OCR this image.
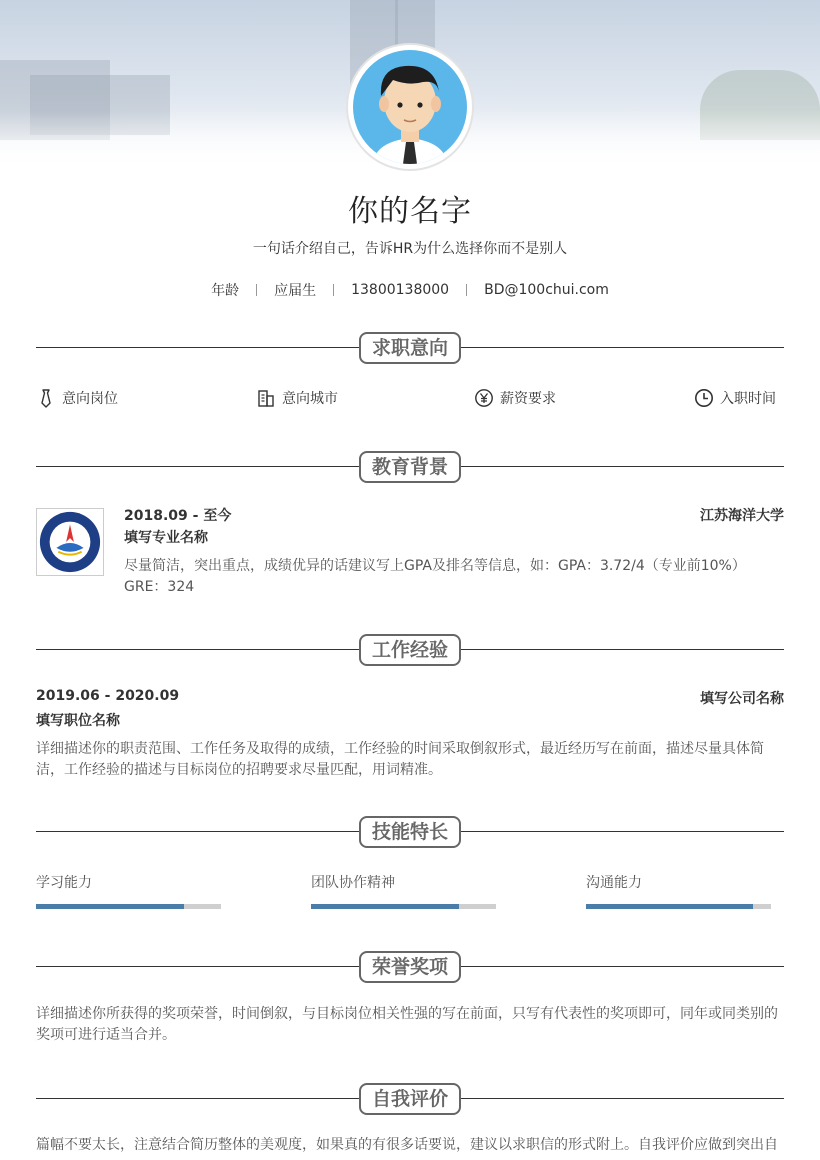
你的名字
一句话介绍自己，告诉HR为什么选择你而不是别人
年龄	应届生	13800138000	BD@100chui.com
求职意向
意向岗位	意向城市	薪资要求	入职时间
教育背景
2018.09 - 至今	江苏海洋大学
填写专业名称
尽量简洁，突出重点，成绩优异的话建议写上GPA及排名等信息，如：GPA：3.72/4（专业前10%） GRE：324
工作经验
2019.06 - 2020.09	填写公司名称
填写职位名称
详细描述你的职责范围、工作任务及取得的成绩，工作经验的时间采取倒叙形式，最近经历写在前面，描述尽量具体简洁，工作经验的描述与目标岗位的招聘要求尽量匹配，用词精准。
技能特长
学习能力	团队协作精神	沟通能力
荣誉奖项
详细描述你所获得的奖项荣誉，时间倒叙，与目标岗位相关性强的写在前面，只写有代表性的奖项即可，同年或同类别的奖项可进行适当合并。
自我评价
篇幅不要太长，注意结合简历整体的美观度，如果真的有很多话要说，建议以求职信的形式附上。自我评价应做到突出自
